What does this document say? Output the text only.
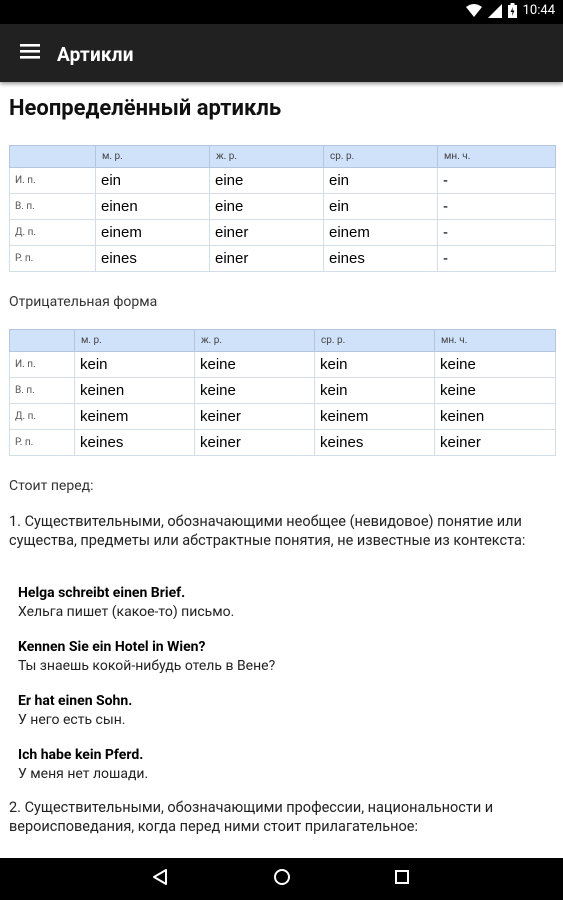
10:44
Артикли
Неопределённый артикль
	м. р.	ж. р.	ср. р.	мн. ч.
И. п.	ein	eine	ein	-
В. п.	einen	eine	ein	-
Д. п.	einem	einer	einem	-
Р. п.	eines	einer	eines	-
Отрицательная форма
	м. р.	ж. р.	ср. р.	мн. ч.
И. п.	kein	keine	kein	keine
В. п.	keinen	keine	kein	keine
Д. п.	keinem	keiner	keinem	keinen
Р. п.	keines	keiner	keines	keiner
Стоит перед:
1. Существительными, обозначающими необщее (невидовое) понятие или существа, предметы или абстрактные понятия, не известные из контекста:
Helga schreibt einen Brief.
Хельга пишет (какое-то) письмо.
Kennen Sie ein Hotel in Wien?
Ты знаешь кокой-нибудь отель в Вене?
Er hat einen Sohn.
У него есть сын.
Ich habe kein Pferd.
У меня нет лошади.
2. Существительными, обозначающими профессии, национальности и вероисповедания, когда перед ними стоит прилагательное:
